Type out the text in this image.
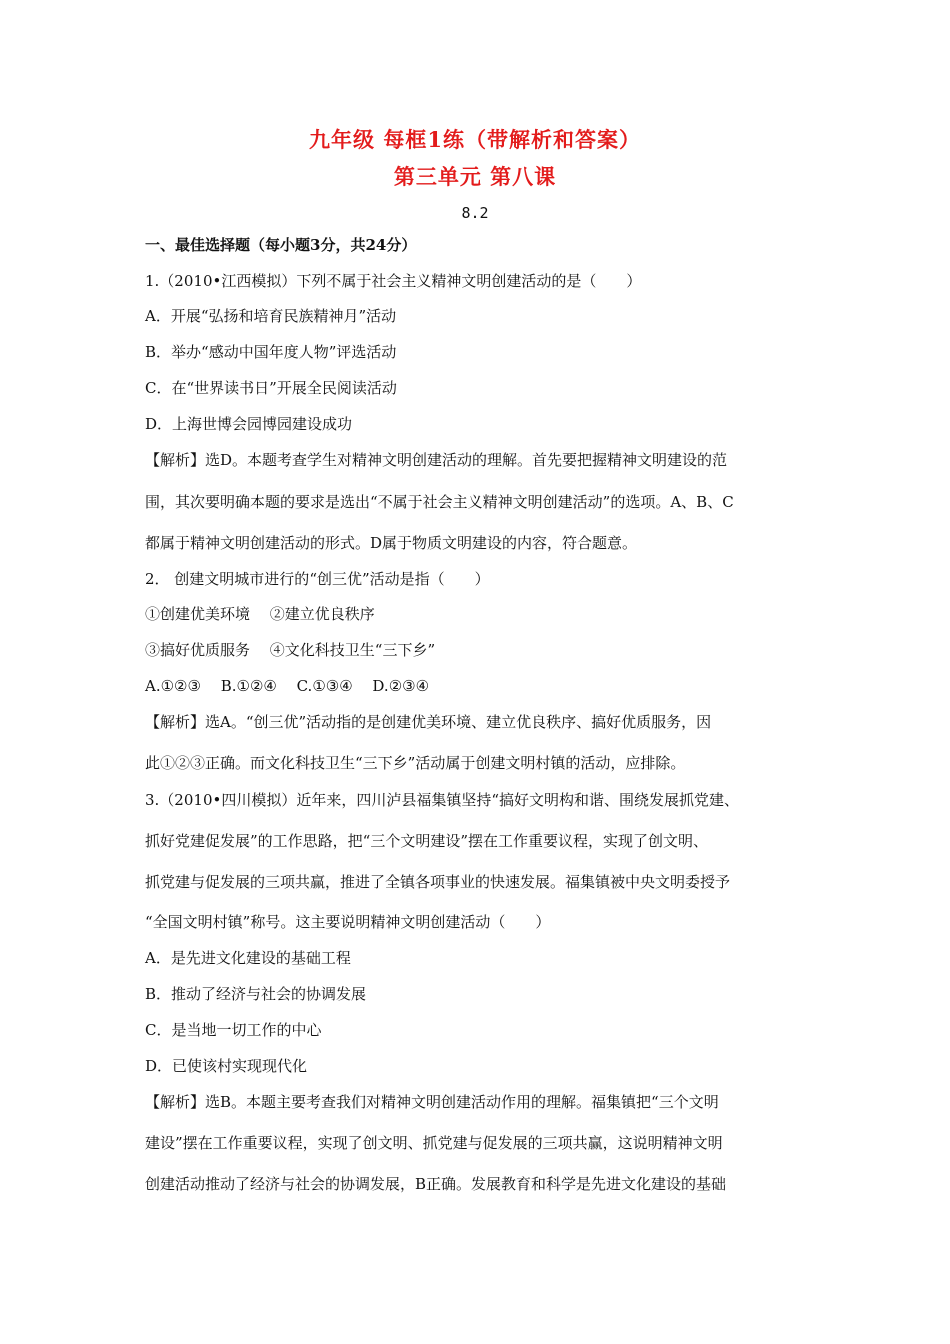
九年级 每框1练（带解析和答案）
第三单元 第八课
8.2
一、最佳选择题（每小题3分，共24分）
1.（2010•江西模拟）下列不属于社会主义精神文明创建活动的是（　　）
A．开展“弘扬和培育民族精神月”活动
B．举办“感动中国年度人物”评选活动
C．在“世界读书日”开展全民阅读活动
D．上海世博会园博园建设成功
【解析】选D。本题考查学生对精神文明创建活动的理解。首先要把握精神文明建设的范
围，其次要明确本题的要求是选出“不属于社会主义精神文明创建活动”的选项。A、B、C
都属于精神文明创建活动的形式。D属于物质文明建设的内容，符合题意。
2． 创建文明城市进行的“创三优”活动是指（　　）
①创建优美环境　 ②建立优良秩序
③搞好优质服务　 ④文化科技卫生“三下乡”
A.①②③　 B.①②④　 C.①③④　 D.②③④
【解析】选A。“创三优”活动指的是创建优美环境、建立优良秩序、搞好优质服务，因
此①②③正确。而文化科技卫生“三下乡”活动属于创建文明村镇的活动，应排除。
3.（2010•四川模拟）近年来，四川泸县福集镇坚持“搞好文明构和谐、围绕发展抓党建、
抓好党建促发展”的工作思路，把“三个文明建设”摆在工作重要议程，实现了创文明、
抓党建与促发展的三项共赢，推进了全镇各项事业的快速发展。福集镇被中央文明委授予
“全国文明村镇”称号。这主要说明精神文明创建活动（　　）
A．是先进文化建设的基础工程
B．推动了经济与社会的协调发展
C．是当地一切工作的中心
D．已使该村实现现代化
【解析】选B。本题主要考查我们对精神文明创建活动作用的理解。福集镇把“三个文明
建设”摆在工作重要议程，实现了创文明、抓党建与促发展的三项共赢，这说明精神文明
创建活动推动了经济与社会的协调发展，B正确。发展教育和科学是先进文化建设的基础
